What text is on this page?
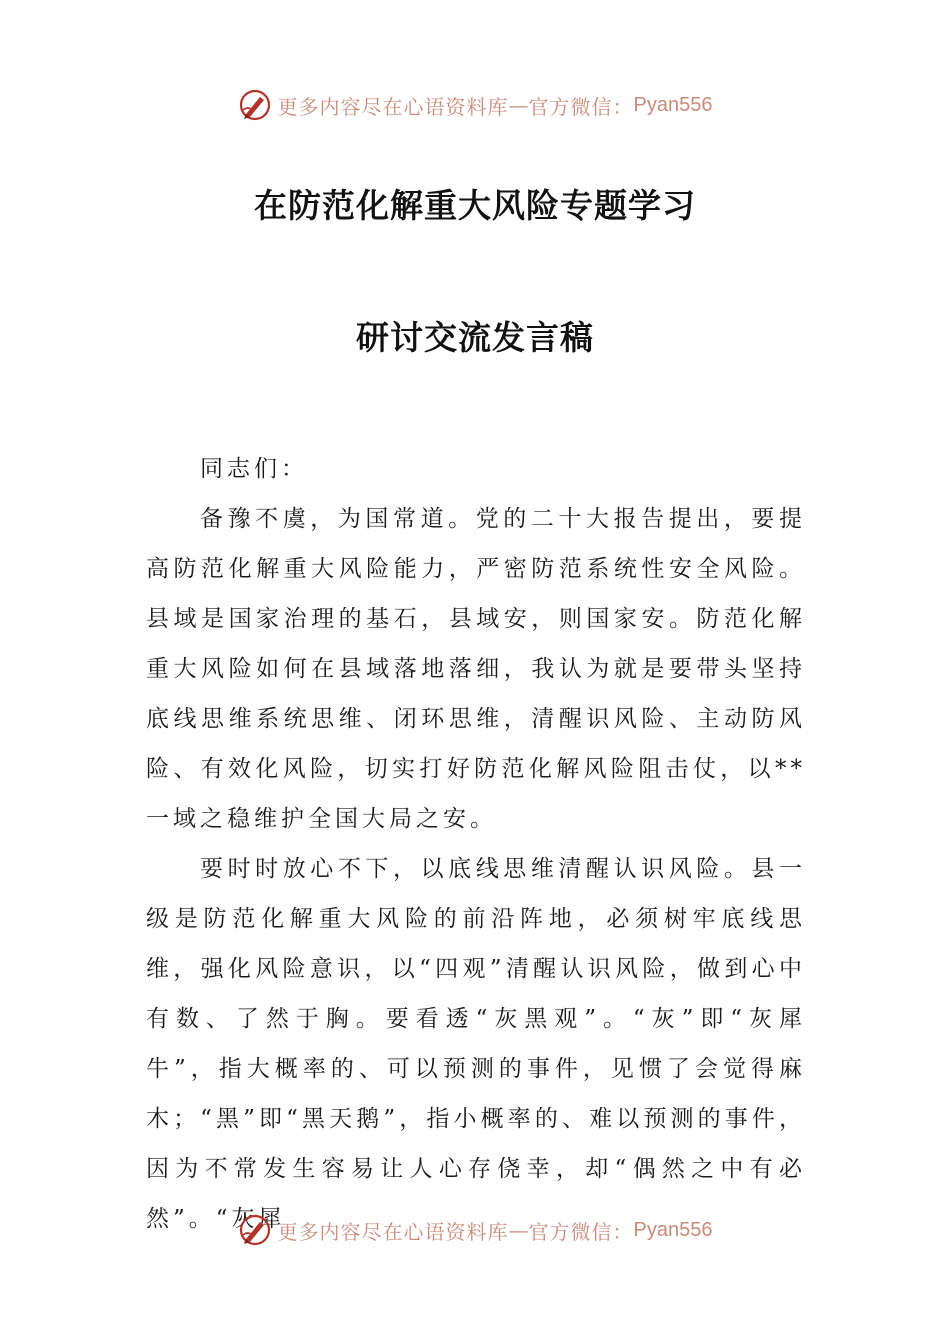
更多内容尽在心语资料库 — 官方微信： Pyan556
在防范化解重大风险专题学习
研讨交流发言稿

同志们：

备豫不虞，为国常道。党的二十大报告提出，要提高防范化解重大风险能力，严密防范系统性安全风险。县域是国家治理的基石，县域安，则国家安。防范化解重大风险如何在县域落地落细，我认为就是要带头坚持底线思维系统思维、闭环思维，清醒识风险、主动防风险、有效化风险，切实打好防范化解风险阻击仗，以**一域之稳维护全国大局之安。

要时时放心不下，以底线思维清醒认识风险。县一级是防范化解重大风险的前沿阵地，必须树牢底线思维，强化风险意识，以“四观”清醒认识风险，做到心中有数、了然于胸。要看透“灰黑观”。“灰”即“灰犀牛”，指大概率的、可以预测的事件，见惯了会觉得麻木；“黑”即“黑天鹅”，指小概率的、难以预测的事件，因为不常发生容易让人心存侥幸，却“偶然之中有必然”。“灰犀

更多内容尽在心语资料库 — 官方微信： Pyan556
